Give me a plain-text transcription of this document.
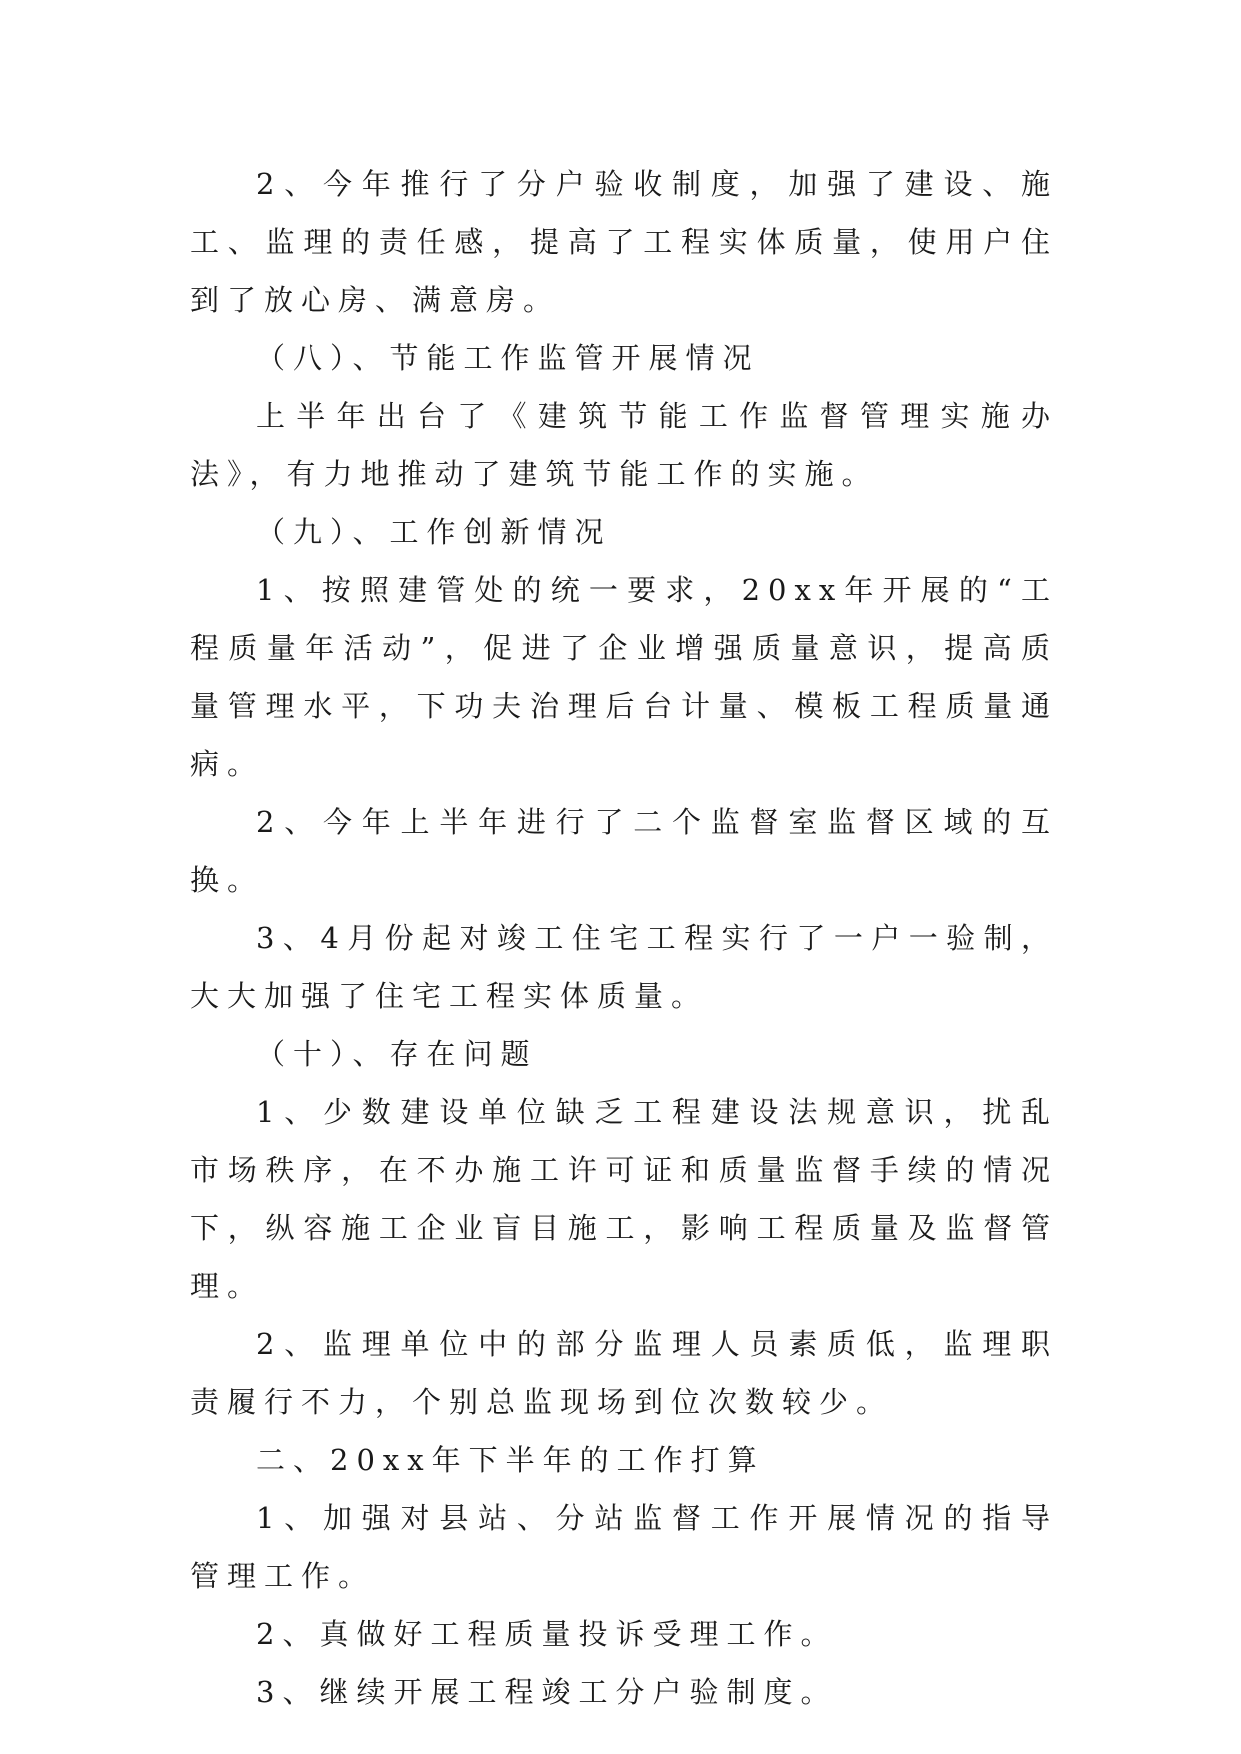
2、今年推行了分户验收制度，加强了建设、施工、监理的责任感，提高了工程实体质量，使用户住到了放心房、满意房。

（八）、节能工作监管开展情况

上半年出台了《建筑节能工作监督管理实施办法》，有力地推动了建筑节能工作的实施。

（九）、工作创新情况

1、按照建管处的统一要求，20xx年开展的“工程质量年活动”，促进了企业增强质量意识，提高质量管理水平，下功夫治理后台计量、模板工程质量通病。

2、今年上半年进行了二个监督室监督区域的互换。

3、4月份起对竣工住宅工程实行了一户一验制，大大加强了住宅工程实体质量。

（十）、存在问题

1、少数建设单位缺乏工程建设法规意识，扰乱市场秩序，在不办施工许可证和质量监督手续的情况下，纵容施工企业盲目施工，影响工程质量及监督管理。

2、监理单位中的部分监理人员素质低，监理职责履行不力，个别总监现场到位次数较少。

二、20xx年下半年的工作打算

1、加强对县站、分站监督工作开展情况的指导管理工作。

2、真做好工程质量投诉受理工作。

3、继续开展工程竣工分户验制度。
